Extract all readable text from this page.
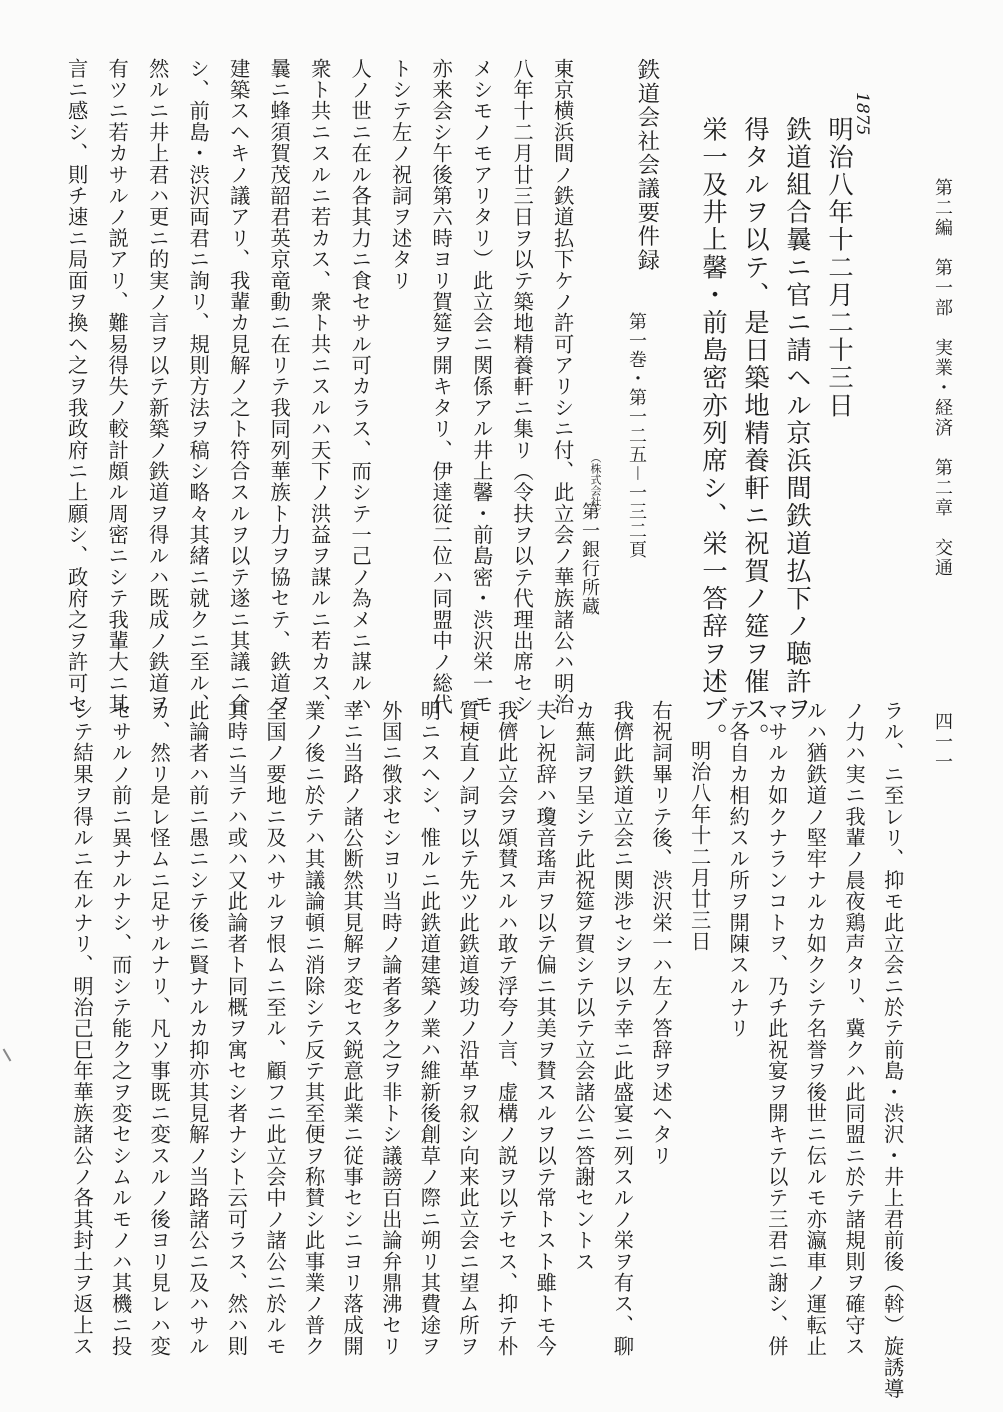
第二編　第一部　実業・経済　第二章　交通
四一一
1875
明治八年十二月二十三日
鉄道組合曩ニ官ニ請ヘル京浜間鉄道払下ノ聴許ヲ
得タルヲ以テ、是日築地精養軒ニ祝賀ノ筵ヲ催ス。
栄一及井上馨・前島密亦列席シ、栄一答辞ヲ述ブ。
鉄道会社会議要件録
第一巻・第一二五－一三二頁
（株式会社）
第一銀行所蔵
東京横浜間ノ鉄道払下ケノ許可アリシニ付、此立会ノ華族諸公ハ明治
八年十二月廿三日ヲ以テ築地精養軒ニ集リ（令扶ヲ以テ代理出席セシ
メシモノモアリタリ）此立会ニ関係アル井上馨・前島密・渋沢栄一モ
亦来会シ午後第六時ヨリ賀筵ヲ開キタリ、伊達従二位ハ同盟中ノ総代
トシテ左ノ祝詞ヲ述タリ
人ノ世ニ在ル各其力ニ食セサル可カラス、而シテ一己ノ為メニ謀ルハ
衆ト共ニスルニ若カス、衆ト共ニスルハ天下ノ洪益ヲ謀ルニ若カス、
曩ニ蜂須賀茂韶君英京竜動ニ在リテ我同列華族ト力ヲ協セテ、鉄道ヲ
建築スヘキノ議アリ、我輩カ見解ノ之ト符合スルヲ以テ遂ニ其議ニ合
シ、前島・渋沢両君ニ詢リ、規則方法ヲ稿シ略々其緒ニ就クニ至ル、
然ルニ井上君ハ更ニ的実ノ言ヲ以テ新築ノ鉄道ヲ得ルハ既成ノ鉄道ヲ
有ツニ若カサルノ説アリ、難易得失ノ較計頗ル周密ニシテ我輩大ニ其
言ニ感シ、則チ速ニ局面ヲ換ヘ之ヲ我政府ニ上願シ、政府之ヲ許可セ
ラル、ニ至レリ、抑モ此立会ニ於テ前島・渋沢・井上君前後（斡）旋誘導
ノ力ハ実ニ我輩ノ晨夜鶏声タリ、冀クハ此同盟ニ於テ諸規則ヲ確守ス
ルハ猶鉄道ノ堅牢ナルカ如クシテ名誉ヲ後世ニ伝ルモ亦瀛車ノ運転止
マサルカ如クナランコトヲ、乃チ此祝宴ヲ開キテ以テ三君ニ謝シ、併
テ各自カ相約スル所ヲ開陳スルナリ
明治八年十二月廿三日
右祝詞畢リテ後、渋沢栄一ハ左ノ答辞ヲ述ヘタリ
我儕此鉄道立会ニ関渉セシヲ以テ幸ニ此盛宴ニ列スルノ栄ヲ有ス、聊
カ蕪詞ヲ呈シテ此祝筵ヲ賀シテ以テ立会諸公ニ答謝セントス
夫レ祝辞ハ瓊音瑤声ヲ以テ偏ニ其美ヲ賛スルヲ以テ常トスト雖トモ今
我儕此立会ヲ頌賛スルハ敢テ浮夸ノ言、虚構ノ説ヲ以テセス、抑テ朴
質梗直ノ詞ヲ以テ先ツ此鉄道竣功ノ沿革ヲ叙シ向来此立会ニ望ム所ヲ
明ニスヘシ、惟ルニ此鉄道建築ノ業ハ維新後創草ノ際ニ朔リ其費途ヲ
外国ニ徴求セシヨリ当時ノ論者多ク之ヲ非トシ議謗百出論弁鼎沸セリ
幸ニ当路ノ諸公断然其見解ヲ変セス鋭意此業ニ従事セシニヨリ落成開
業ノ後ニ於テハ其議論頓ニ消除シテ反テ其至便ヲ称賛シ此事業ノ普ク
全国ノ要地ニ及ハサルヲ恨ムニ至ル、顧フニ此立会中ノ諸公ニ於ルモ
其時ニ当テハ或ハ又此論者ト同概ヲ寓セシ者ナシト云可ラス、然ハ則
此論者ハ前ニ愚ニシテ後ニ賢ナルカ抑亦其見解ノ当路諸公ニ及ハサル
カ、然リ是レ怪ムニ足サルナリ、凡ソ事既ニ変スルノ後ヨリ見レハ変
セサルノ前ニ異ナルナシ、而シテ能ク之ヲ変セシムルモノハ其機ニ投
シテ結果ヲ得ルニ在ルナリ、明治己巳年華族諸公ノ各其封土ヲ返上ス
